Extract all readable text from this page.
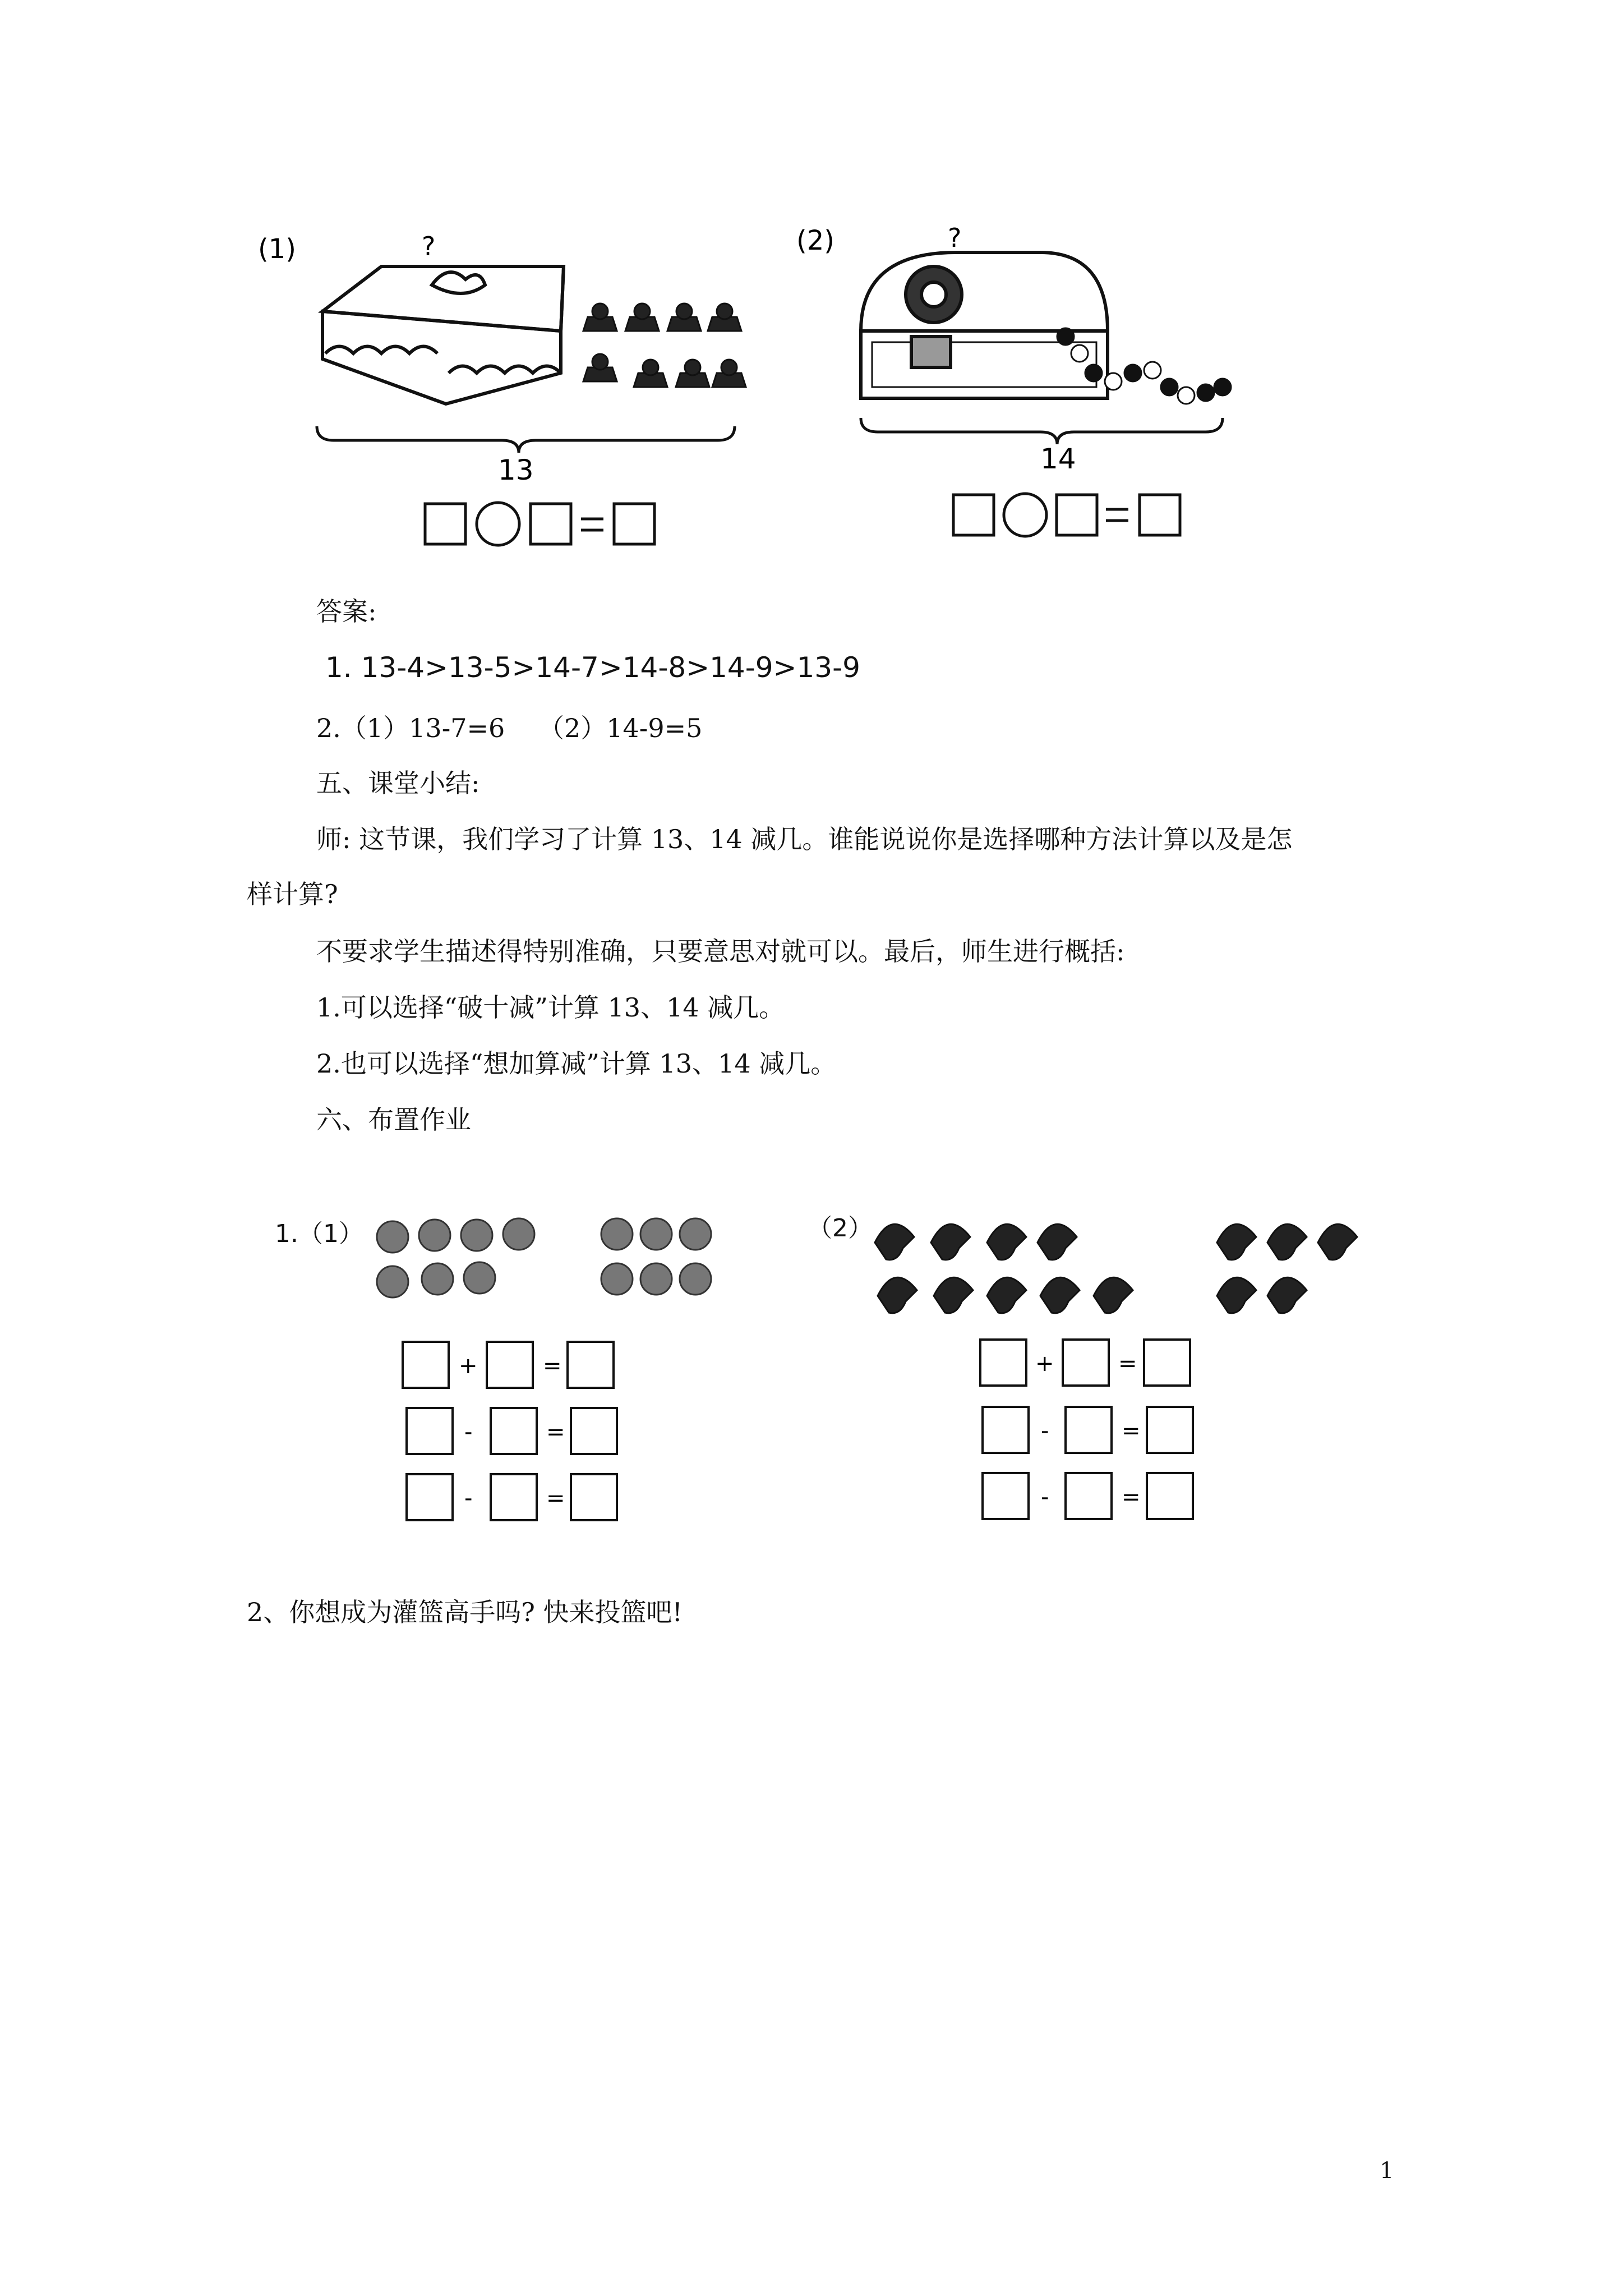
(1)	?
13
(2)	?
14
答案:
1. 13-4>13-5>14-7>14-8>14-9>13-9
2.（1）13-7=6 （2）14-9=5
五、课堂小结:
师: 这节课，我们学习了计算 13、14 减几。谁能说说你是选择哪种方法计算以及是怎
样计算?
不要求学生描述得特别准确，只要意思对就可以。最后，师生进行概括:
1.可以选择“破十减”计算 13、14 减几。
2.也可以选择“想加算减”计算 13、14 减几。
六、布置作业
1.（1）	（2）
+	=
-	=
-	=
+	=
-	=
-	=
2、你想成为灌篮高手吗? 快来投篮吧!
1
